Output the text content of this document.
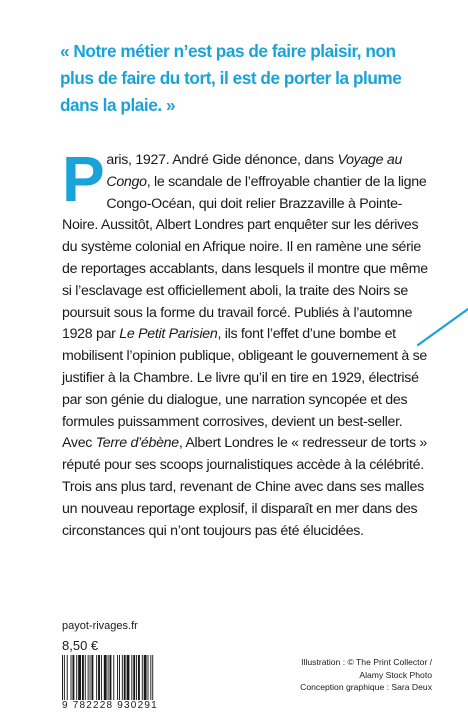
« Notre métier n’est pas de faire plaisir, non plus de faire du tort, il est de porter la plume dans la plaie. »

Paris, 1927. André Gide dénonce, dans Voyage au Congo, le scandale de l’effroyable chantier de la ligne Congo-Océan, qui doit relier Brazzaville à Pointe-Noire. Aussitôt, Albert Londres part enquêter sur les dérives du système colonial en Afrique noire. Il en ramène une série de reportages accablants, dans lesquels il montre que même si l’esclavage est officiellement aboli, la traite des Noirs se poursuit sous la forme du travail forcé. Publiés à l’automne 1928 par Le Petit Parisien, ils font l’effet d’une bombe et mobilisent l’opinion publique, obligeant le gouvernement à se justifier à la Chambre. Le livre qu’il en tire en 1929, électrisé par son génie du dialogue, une narration syncopée et des formules puissamment corrosives, devient un best-seller. Avec Terre d’ébène, Albert Londres le « redresseur de torts » réputé pour ses scoops journalistiques accède à la célébrité. Trois ans plus tard, revenant de Chine avec dans ses malles un nouveau reportage explosif, il disparaît en mer dans des circonstances qui n’ont toujours pas été élucidées.

payot-rivages.fr
8,50 €
9 782228 930291
Illustration : © The Print Collector /
Alamy Stock Photo
Conception graphique : Sara Deux
